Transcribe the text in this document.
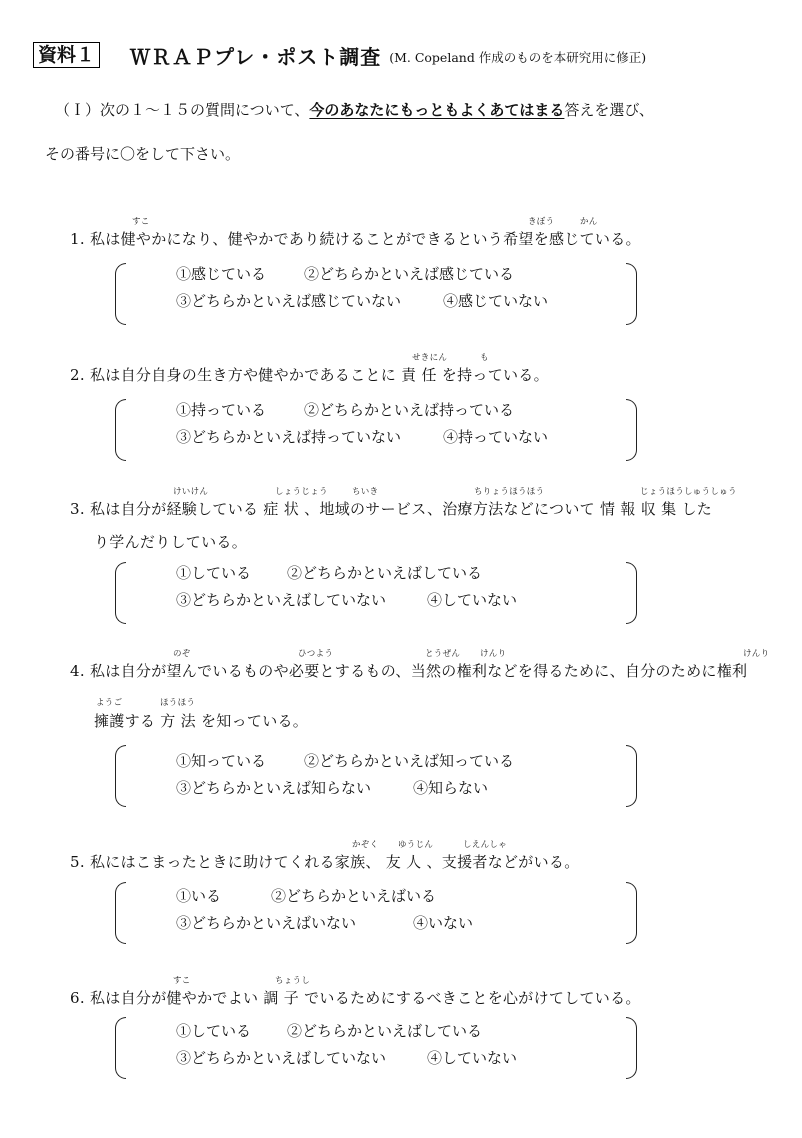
資料１ ＷＲＡＰプレ・ポスト調査 (M. Copeland 作成のものを本研究用に修正)
（Ｉ）次の１～１５の質問について、今のあなたにもっともよくあてはまる答えを選び、
その番号に〇をして下さい。
すこ	きぼう	かん
1. 私は健やかになり、健やかであり続けることができるという希望を感じている。
①感じている	②どちらかといえば感じている
③どちらかといえば感じていない	④感じていない
せきにん	も
2. 私は自分自身の生き方や健やかであることに 責 任 を持っている。
①持っている	②どちらかといえば持っている
③どちらかといえば持っていない	④持っていない
けいけん	しょうじょう	ちいき	ちりょうほうほう	じょうほうしゅうしゅう
3. 私は自分が経験している 症 状 、地域のサービス、治療方法などについて 情 報 収 集 した
り学んだりしている。
①している ②どちらかといえばしている
③どちらかといえばしていない	④していない
のぞ	ひつよう	とうぜん けんり	けんり
ようご	ほうほう
4. 私は自分が望んでいるものや必要とするもの、当然の権利などを得るために、自分のために権利
擁護する 方 法 を知っている。
①知っている	②どちらかといえば知っている
③どちらかといえば知らない	④知らない
かぞく ゆうじん	しえんしゃ
5. 私にはこまったときに助けてくれる家族、 友 人 、支援者などがいる。
①いる	②どちらかといえばいる
③どちらかといえばいない	④いない
すこ	ちょうし
6. 私は自分が健やかでよい 調 子 でいるためにするべきことを心がけてしている。
①している ②どちらかといえばしている
③どちらかといえばしていない	④していない
